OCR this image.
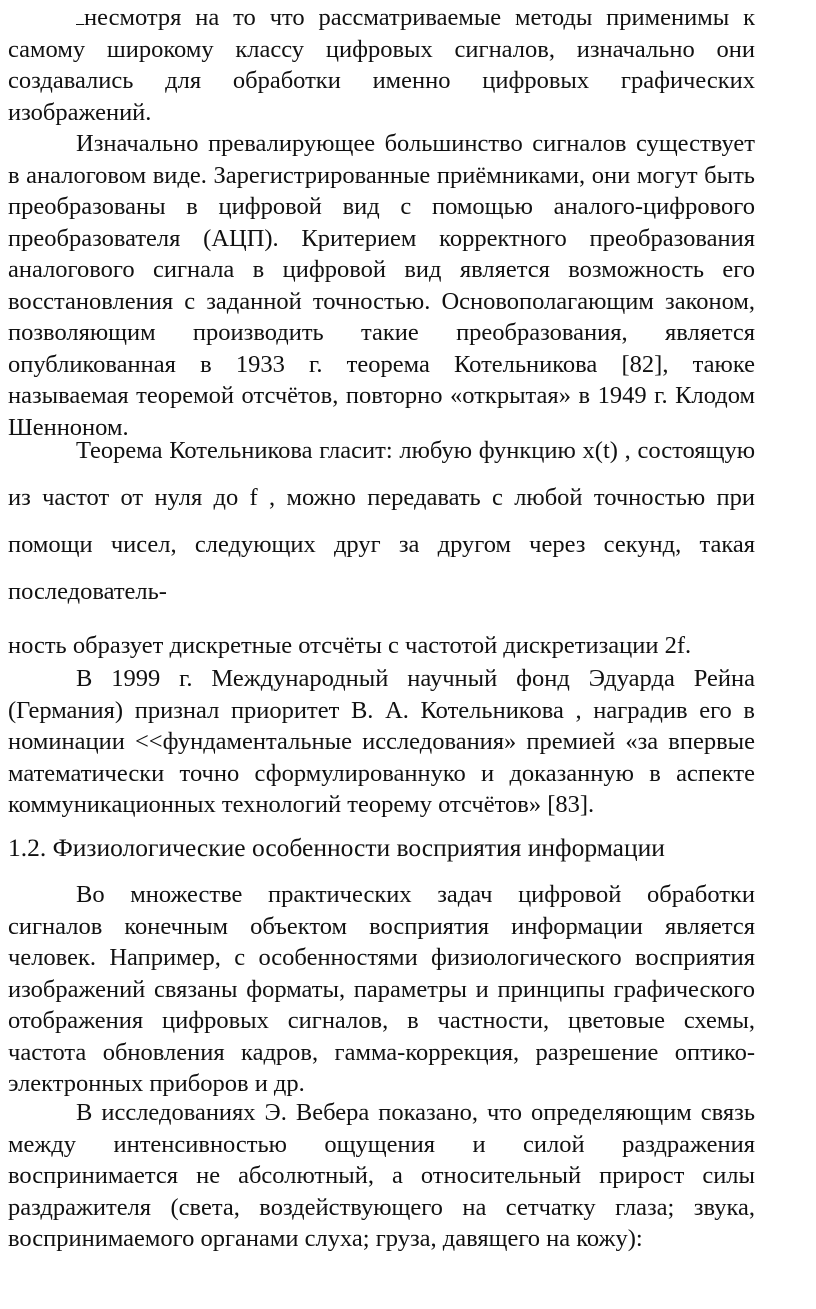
несмотря на то что рассматриваемые методы применимы к самому широкому классу цифровых сигналов, изначально они создавались для обработки именно цифровых графических изображений.

Изначально превалирующее большинство сигналов существует в аналоговом виде. Зарегистрированные приёмниками, они могут быть преобразованы в цифровой вид с помощью аналого-цифрового преобразователя (АЦП). Критерием корректного преобразования аналогового сигнала в цифровой вид является возможность его восстановления с заданной точностью. Основополагающим законом, позволяющим производить такие преобразования, является опубликованная в 1933 г. теорема Котельникова [82], таюке называемая теоремой отсчётов, повторно «открытая» в 1949 г. Клодом Шенноном.

Теорема Котельникова гласит: любую функцию x(t) , состоящую из частот от нуля до f , можно передавать с любой точностью при помощи чисел, следующих друг за другом через секунд, такая последователь-

ность образует дискретные отсчёты с частотой дискретизации 2f.

В 1999 г. Международный научный фонд Эдуарда Рейна (Германия) признал приоритет В. А. Котельникова , наградив его в номинации <<фундаментальные исследования» премией «за впервые математически точно сформулированнуко и доказанную в аспекте коммуникационных технологий теорему отсчётов» [83].

1.2. Физиологические особенности восприятия информации

Во множестве практических задач цифровой обработки сигналов конечным объектом восприятия информации является человек. Например, с особенностями физиологического восприятия изображений связаны форматы, параметры и принципы графического отображения цифровых сигналов, в частности, цветовые схемы, частота обновления кадров, гамма-коррекция, разрешение оптико-электронных приборов и др.

В исследованиях Э. Вебера показано, что определяющим связь между интенсивностью ощущения и силой раздражения воспринимается не абсолютный, а относительный прирост силы раздражителя (света, воздействующего на сетчатку глаза; звука, воспринимаемого органами слуха; груза, давящего на кожу):
